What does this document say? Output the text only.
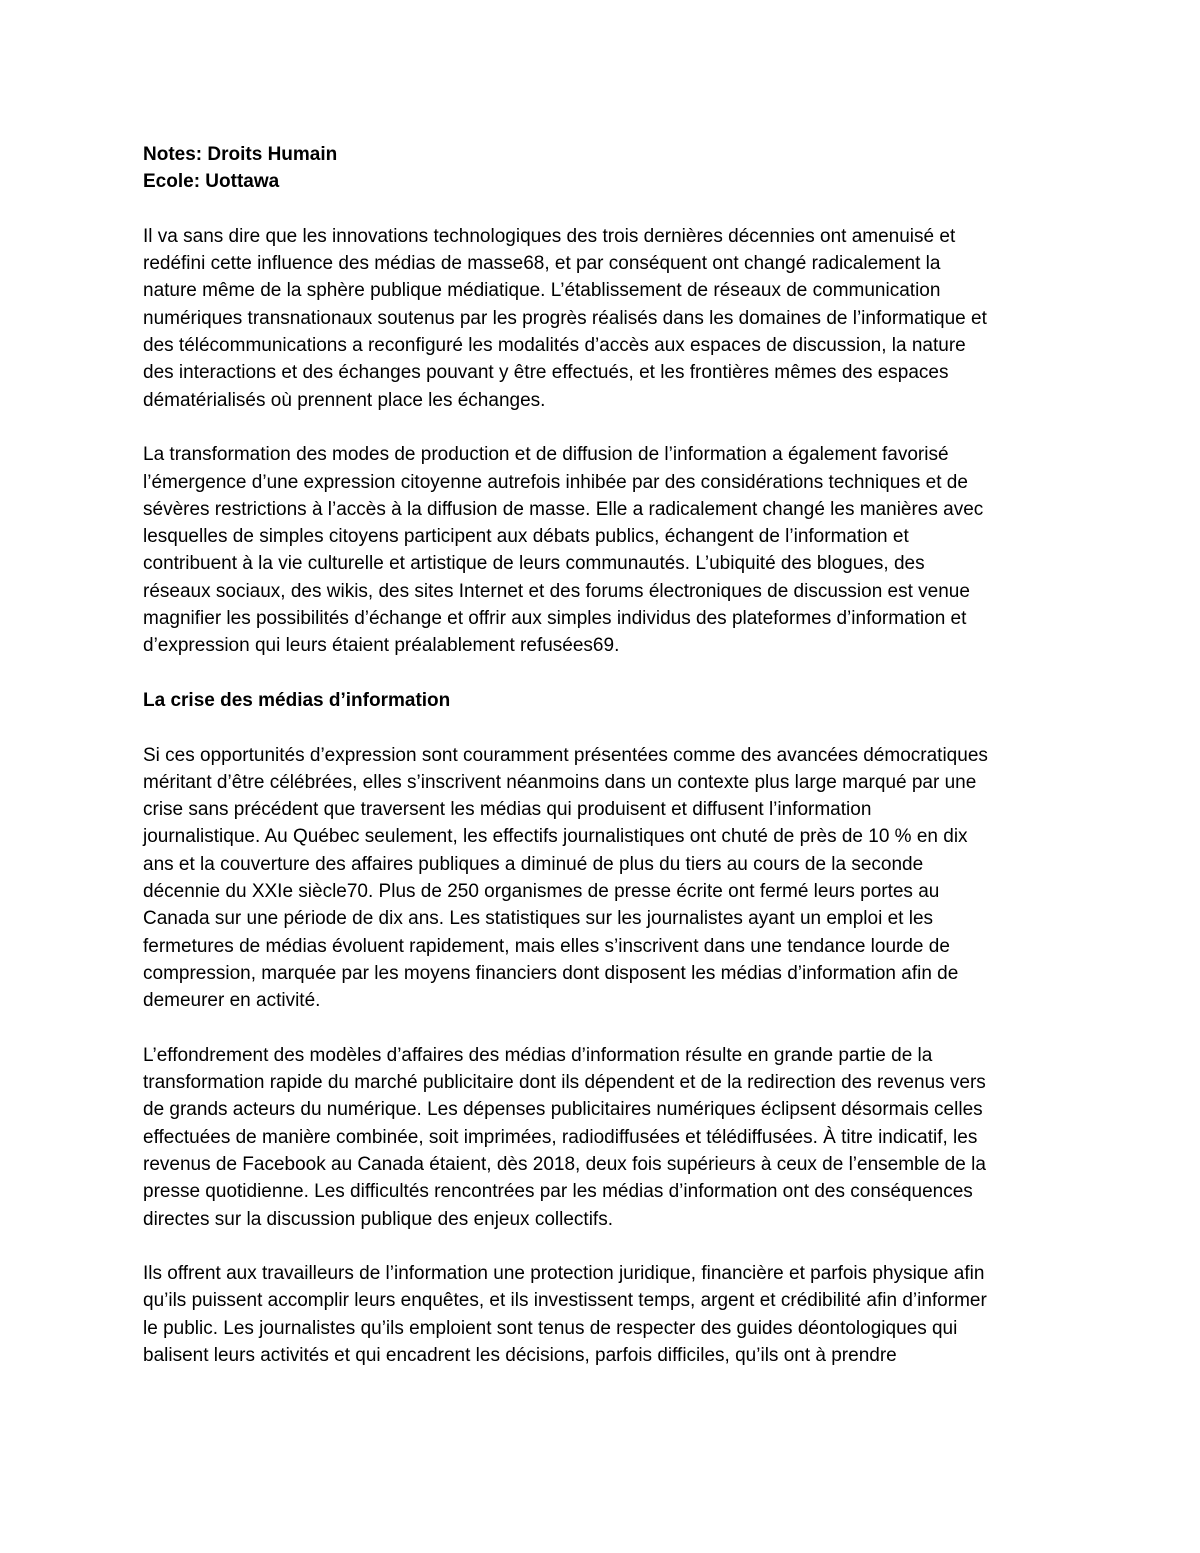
Notes: Droits Humain
Ecole: Uottawa

Il va sans dire que les innovations technologiques des trois dernières décennies ont amenuisé et
redéfini cette influence des médias de masse68, et par conséquent ont changé radicalement la
nature même de la sphère publique médiatique. L’établissement de réseaux de communication
numériques transnationaux soutenus par les progrès réalisés dans les domaines de l’informatique et
des télécommunications a reconfiguré les modalités d’accès aux espaces de discussion, la nature
des interactions et des échanges pouvant y être effectués, et les frontières mêmes des espaces
dématérialisés où prennent place les échanges.

La transformation des modes de production et de diffusion de l’information a également favorisé
l’émergence d’une expression citoyenne autrefois inhibée par des considérations techniques et de
sévères restrictions à l’accès à la diffusion de masse. Elle a radicalement changé les manières avec
lesquelles de simples citoyens participent aux débats publics, échangent de l’information et
contribuent à la vie culturelle et artistique de leurs communautés. L’ubiquité des blogues, des
réseaux sociaux, des wikis, des sites Internet et des forums électroniques de discussion est venue
magnifier les possibilités d’échange et offrir aux simples individus des plateformes d’information et
d’expression qui leurs étaient préalablement refusées69.

La crise des médias d’information

Si ces opportunités d’expression sont couramment présentées comme des avancées démocratiques
méritant d’être célébrées, elles s’inscrivent néanmoins dans un contexte plus large marqué par une
crise sans précédent que traversent les médias qui produisent et diffusent l’information
journalistique. Au Québec seulement, les effectifs journalistiques ont chuté de près de 10 % en dix
ans et la couverture des affaires publiques a diminué de plus du tiers au cours de la seconde
décennie du XXIe siècle70. Plus de 250 organismes de presse écrite ont fermé leurs portes au
Canada sur une période de dix ans. Les statistiques sur les journalistes ayant un emploi et les
fermetures de médias évoluent rapidement, mais elles s’inscrivent dans une tendance lourde de
compression, marquée par les moyens financiers dont disposent les médias d’information afin de
demeurer en activité.

L’effondrement des modèles d’affaires des médias d’information résulte en grande partie de la
transformation rapide du marché publicitaire dont ils dépendent et de la redirection des revenus vers
de grands acteurs du numérique. Les dépenses publicitaires numériques éclipsent désormais celles
effectuées de manière combinée, soit imprimées, radiodiffusées et télédiffusées. À titre indicatif, les
revenus de Facebook au Canada étaient, dès 2018, deux fois supérieurs à ceux de l’ensemble de la
presse quotidienne. Les difficultés rencontrées par les médias d’information ont des conséquences
directes sur la discussion publique des enjeux collectifs.

Ils offrent aux travailleurs de l’information une protection juridique, financière et parfois physique afin
qu’ils puissent accomplir leurs enquêtes, et ils investissent temps, argent et crédibilité afin d’informer
le public. Les journalistes qu’ils emploient sont tenus de respecter des guides déontologiques qui
balisent leurs activités et qui encadrent les décisions, parfois difficiles, qu’ils ont à prendre
